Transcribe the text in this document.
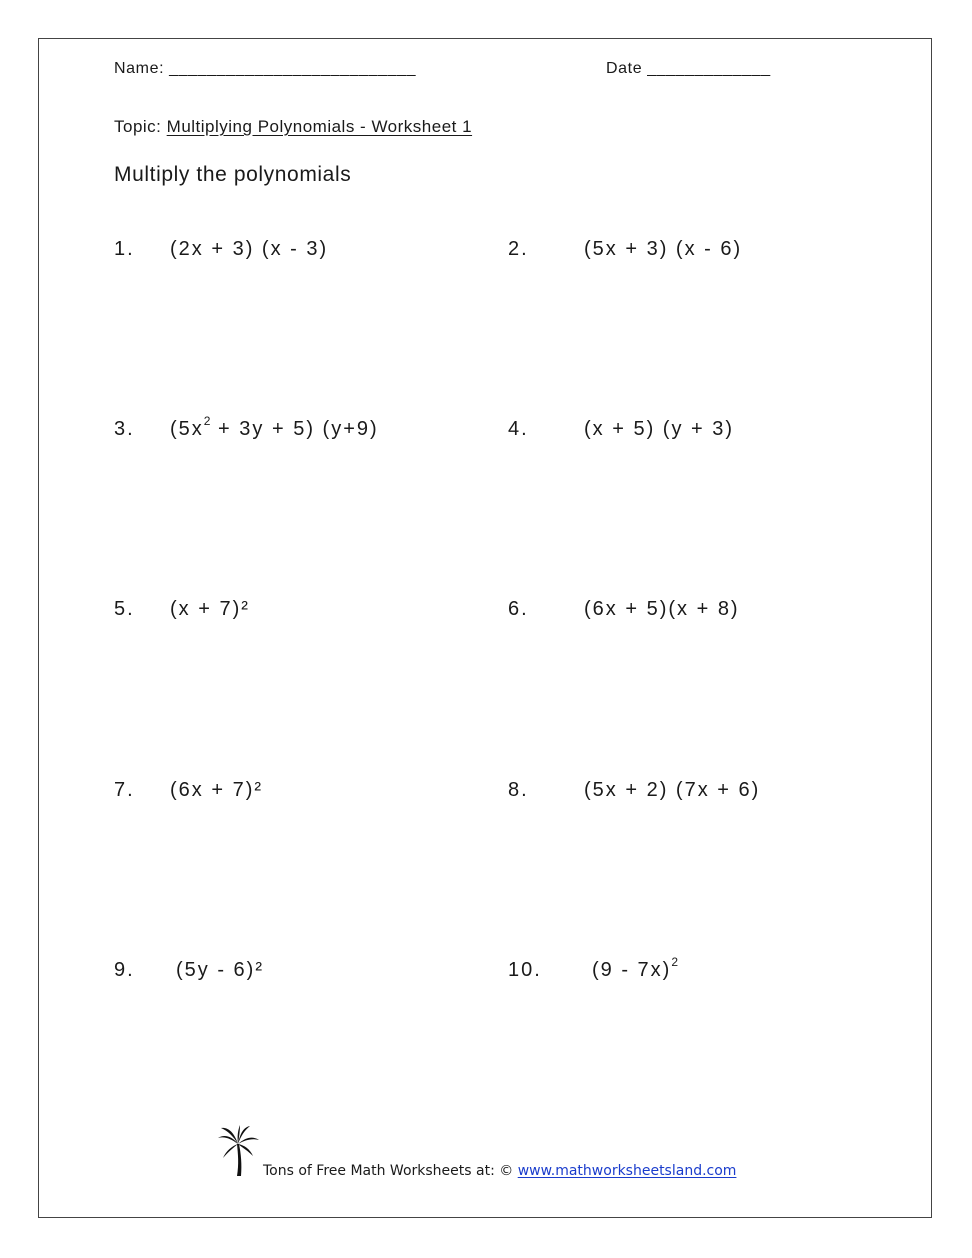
Name: __________________________	Date _____________
Topic: Multiplying Polynomials - Worksheet 1
Multiply the polynomials
1. (2x + 3) (x - 3)	2.	(5x + 3) (x - 6)
3. $(5x^2 + 3y + 5)$ (y+9)	4.	(x + 5) (y + 3)
5. (x + 7)²	6.	(6x + 5)(x + 8)
7. (6x + 7)²	8.	(5x + 2) (7x + 6)
9. (5y - 6)²	10.	(9 - 7x)$^2$
Tons of Free Math Worksheets at: © www.mathworksheetsland.com
